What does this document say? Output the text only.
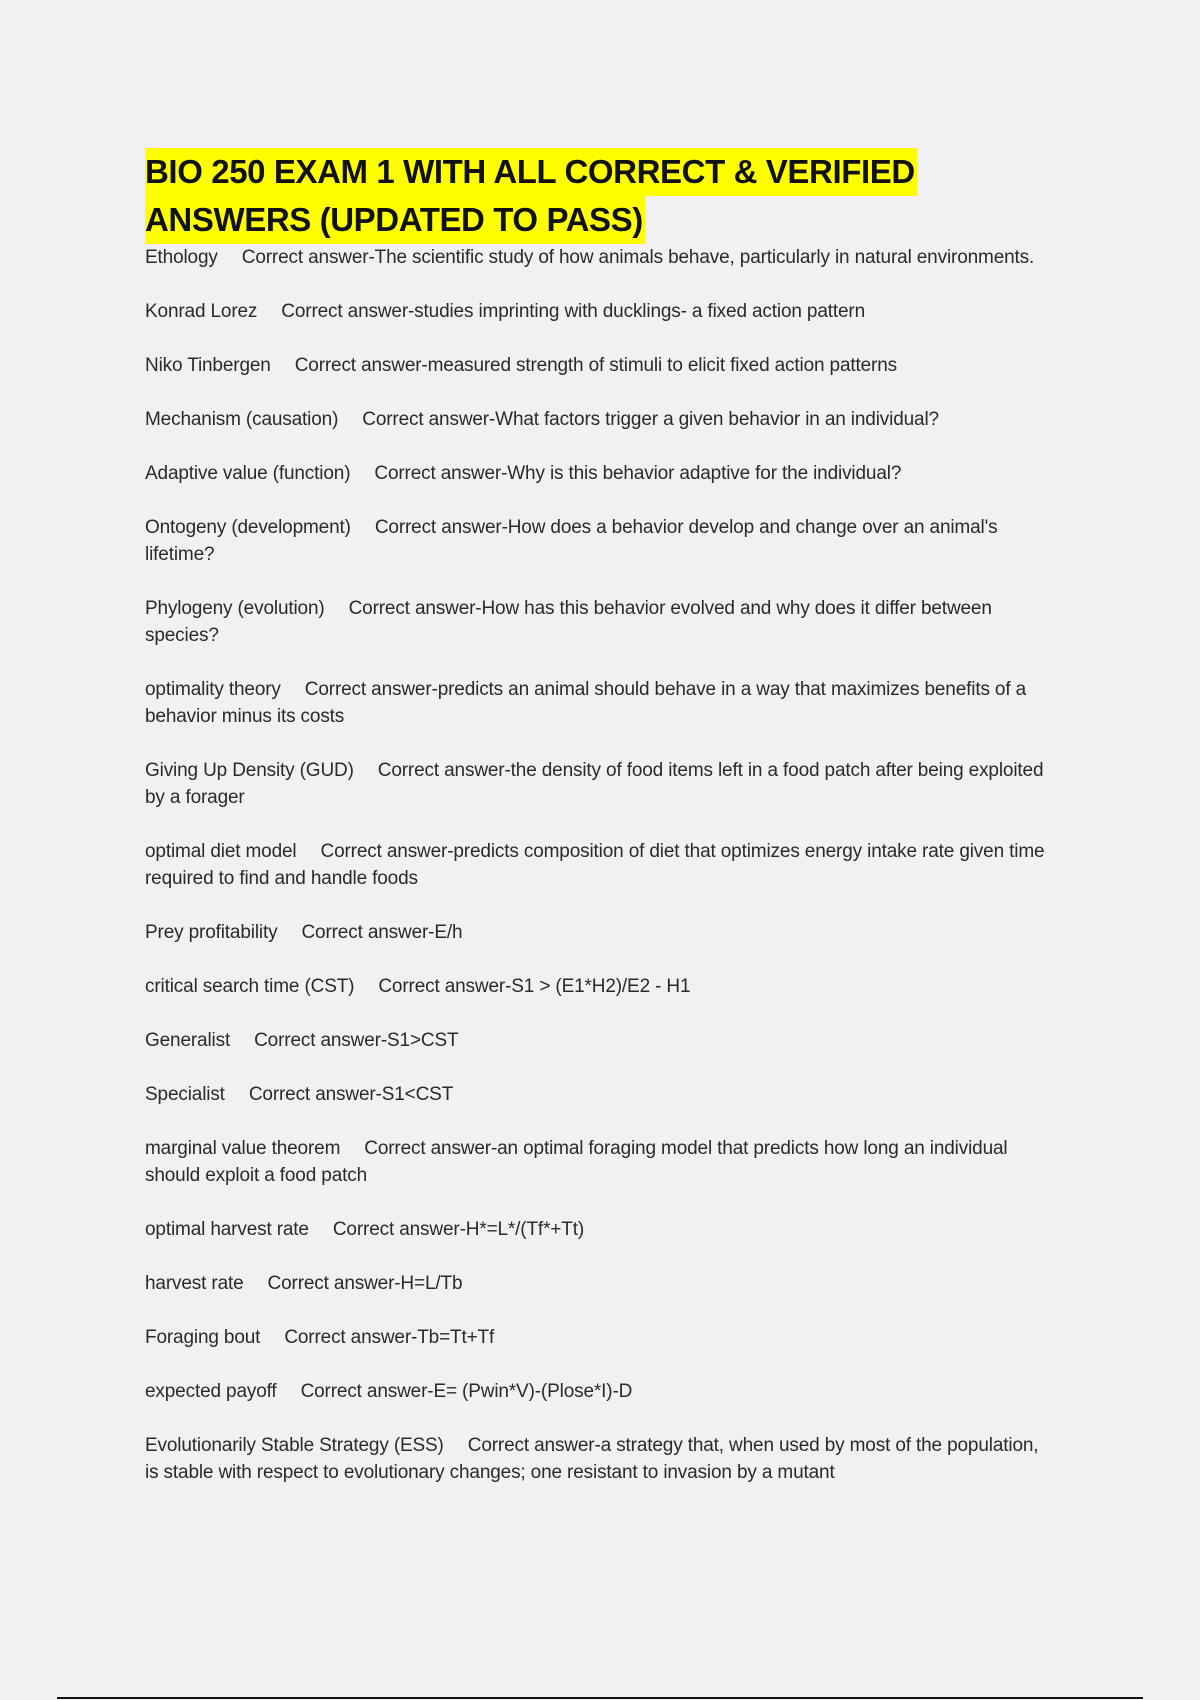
BIO 250 EXAM 1 WITH ALL CORRECT & VERIFIED
ANSWERS (UPDATED TO PASS)
Ethology Correct answer-The scientific study of how animals behave, particularly in natural environments.
Konrad Lorez Correct answer-studies imprinting with ducklings- a fixed action pattern
Niko Tinbergen Correct answer-measured strength of stimuli to elicit fixed action patterns
Mechanism (causation) Correct answer-What factors trigger a given behavior in an individual?
Adaptive value (function) Correct answer-Why is this behavior adaptive for the individual?
Ontogeny (development) Correct answer-How does a behavior develop and change over an animal's lifetime?
Phylogeny (evolution) Correct answer-How has this behavior evolved and why does it differ between species?
optimality theory Correct answer-predicts an animal should behave in a way that maximizes benefits of a behavior minus its costs
Giving Up Density (GUD) Correct answer-the density of food items left in a food patch after being exploited by a forager
optimal diet model Correct answer-predicts composition of diet that optimizes energy intake rate given time required to find and handle foods
Prey profitability Correct answer-E/h
critical search time (CST) Correct answer-S1 > (E1*H2)/E2 - H1
Generalist Correct answer-S1>CST
Specialist Correct answer-S1<CST
marginal value theorem Correct answer-an optimal foraging model that predicts how long an individual should exploit a food patch
optimal harvest rate Correct answer-H*=L*/(Tf*+Tt)
harvest rate Correct answer-H=L/Tb
Foraging bout Correct answer-Tb=Tt+Tf
expected payoff Correct answer-E= (Pwin*V)-(Plose*I)-D
Evolutionarily Stable Strategy (ESS) Correct answer-a strategy that, when used by most of the population, is stable with respect to evolutionary changes; one resistant to invasion by a mutant
